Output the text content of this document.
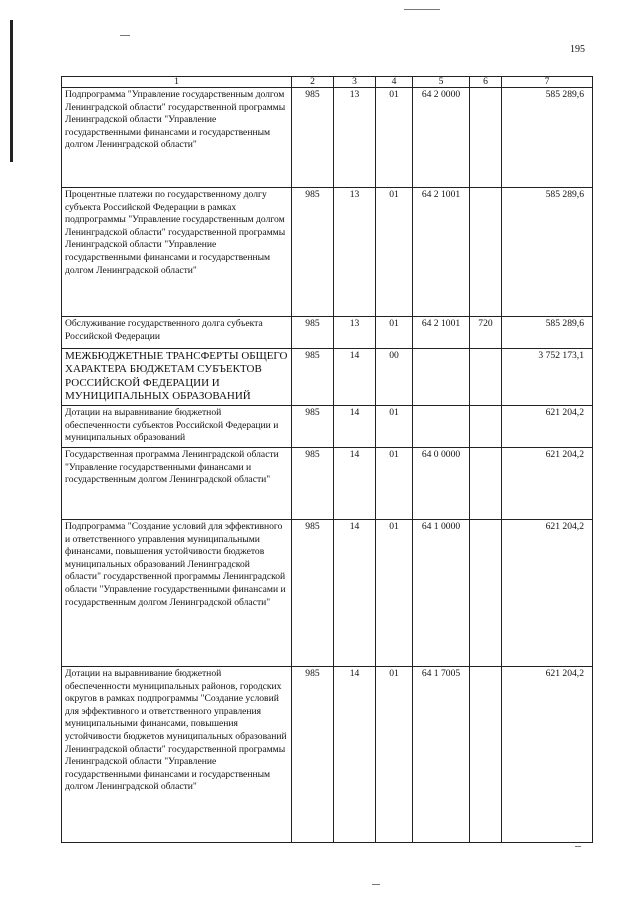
195
1	2	3	4	5	6	7
Подпрограмма "Управление государственным долгом Ленинградской области" государственной программы Ленинградской области "Управление государственными финансами и государственным долгом Ленинградской области"	985	13	01	64 2 0000		585 289,6
Процентные платежи по государственному долгу субъекта Российской Федерации в рамках подпрограммы "Управление государственным долгом Ленинградской области" государственной программы Ленинградской области "Управление государственными финансами и государственным долгом Ленинградской области"	985	13	01	64 2 1001		585 289,6
Обслуживание государственного долга субъекта Российской Федерации	985	13	01	64 2 1001	720	585 289,6
МЕЖБЮДЖЕТНЫЕ ТРАНСФЕРТЫ ОБЩЕГО ХАРАКТЕРА БЮДЖЕТАМ СУБЪЕКТОВ РОССИЙСКОЙ ФЕДЕРАЦИИ И МУНИЦИПАЛЬНЫХ ОБРАЗОВАНИЙ	985	14	00			3 752 173,1
Дотации на выравнивание бюджетной обеспеченности субъектов Российской Федерации и муниципальных образований	985	14	01			621 204,2
Государственная программа Ленинградской области "Управление государственными финансами и государственным долгом Ленинградской области"	985	14	01	64 0 0000		621 204,2
Подпрограмма "Создание условий для эффективного и ответственного управления муниципальными финансами, повышения устойчивости бюджетов муниципальных образований Ленинградской области" государственной программы Ленинградской области "Управление государственными финансами и государственным долгом Ленинградской области"	985	14	01	64 1 0000		621 204,2
Дотации на выравнивание бюджетной обеспеченности муниципальных районов, городских округов в рамках подпрограммы "Создание условий для эффективного и ответственного управления муниципальными финансами, повышения устойчивости бюджетов муниципальных образований Ленинградской области" государственной программы Ленинградской области "Управление государственными финансами и государственным долгом Ленинградской области"	985	14	01	64 1 7005		621 204,2
